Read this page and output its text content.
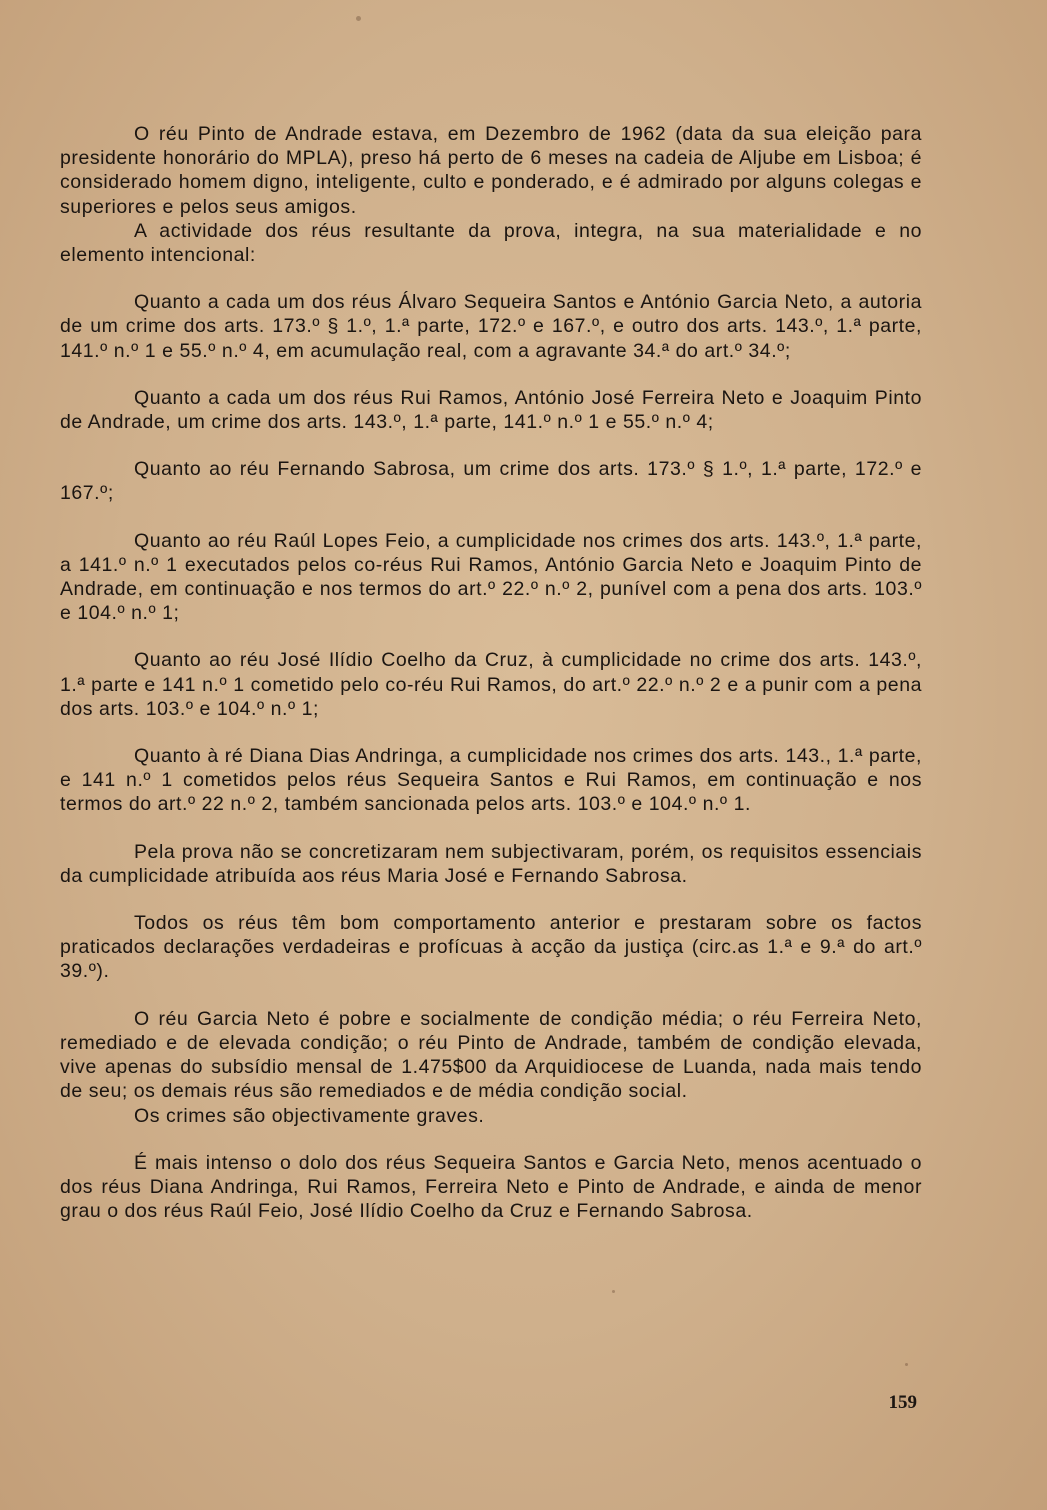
O réu Pinto de Andrade estava, em Dezembro de 1962 (data da sua eleição para presidente honorário do MPLA), preso há perto de 6 meses na cadeia de Aljube em Lisboa; é considerado homem digno, inteligente, culto e ponderado, e é admirado por alguns colegas e superiores e pelos seus amigos.

A actividade dos réus resultante da prova, integra, na sua materialidade e no elemento intencional:

Quanto a cada um dos réus Álvaro Sequeira Santos e António Garcia Neto, a autoria de um crime dos arts. 173.º § 1.º, 1.ª parte, 172.º e 167.º, e outro dos arts. 143.º, 1.ª parte, 141.º n.º 1 e 55.º n.º 4, em acumulação real, com a agravante 34.ª do art.º 34.º;

Quanto a cada um dos réus Rui Ramos, António José Ferreira Neto e Joaquim Pinto de Andrade, um crime dos arts. 143.º, 1.ª parte, 141.º n.º 1 e 55.º n.º 4;

Quanto ao réu Fernando Sabrosa, um crime dos arts. 173.º § 1.º, 1.ª parte, 172.º e 167.º;

Quanto ao réu Raúl Lopes Feio, a cumplicidade nos crimes dos arts. 143.º, 1.ª parte, a 141.º n.º 1 executados pelos co-réus Rui Ramos, António Garcia Neto e Joaquim Pinto de Andrade, em continuação e nos termos do art.º 22.º n.º 2, punível com a pena dos arts. 103.º e 104.º n.º 1;

Quanto ao réu José Ilídio Coelho da Cruz, à cumplicidade no crime dos arts. 143.º, 1.ª parte e 141 n.º 1 cometido pelo co-réu Rui Ramos, do art.º 22.º n.º 2 e a punir com a pena dos arts. 103.º e 104.º n.º 1;

Quanto à ré Diana Dias Andringa, a cumplicidade nos crimes dos arts. 143., 1.ª parte, e 141 n.º 1 cometidos pelos réus Sequeira Santos e Rui Ramos, em continuação e nos termos do art.º 22 n.º 2, também sancionada pelos arts. 103.º e 104.º n.º 1.

Pela prova não se concretizaram nem subjectivaram, porém, os requisitos essenciais da cumplicidade atribuída aos réus Maria José e Fernando Sabrosa.

Todos os réus têm bom comportamento anterior e prestaram sobre os factos praticados declarações verdadeiras e profícuas à acção da justiça (circ.as 1.ª e 9.ª do art.º 39.º).

O réu Garcia Neto é pobre e socialmente de condição média; o réu Ferreira Neto, remediado e de elevada condição; o réu Pinto de Andrade, também de condição elevada, vive apenas do subsídio mensal de 1.475$00 da Arquidiocese de Luanda, nada mais tendo de seu; os demais réus são remediados e de média condição social.

Os crimes são objectivamente graves.

É mais intenso o dolo dos réus Sequeira Santos e Garcia Neto, menos acentuado o dos réus Diana Andringa, Rui Ramos, Ferreira Neto e Pinto de Andrade, e ainda de menor grau o dos réus Raúl Feio, José Ilídio Coelho da Cruz e Fernando Sabrosa.

159
